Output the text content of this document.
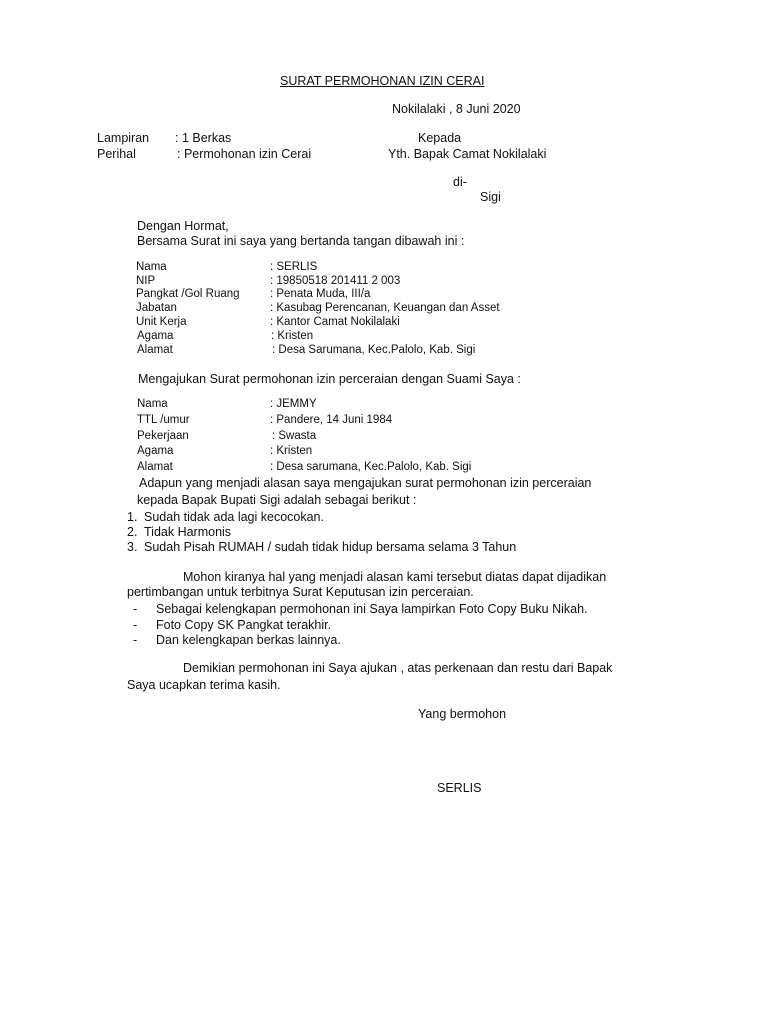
SURAT PERMOHONAN IZIN CERAI
Nokilalaki , 8 Juni 2020
Lampiran : 1 Berkas
Perihal	: Permohonan izin Cerai
Kepada
Yth. Bapak Camat Nokilalaki
di-
Sigi
Dengan Hormat,
Bersama Surat ini saya yang bertanda tangan dibawah ini :
Nama	: SERLIS
NIP	: 19850518 201411 2 003
Pangkat /Gol Ruang	: Penata Muda, III/a
Jabatan	: Kasubag Perencanan, Keuangan dan Asset
Unit Kerja	: Kantor Camat Nokilalaki
Agama	: Kristen
Alamat	: Desa Sarumana, Kec.Palolo, Kab. Sigi
Mengajukan Surat permohonan izin perceraian dengan Suami Saya :
Nama	: JEMMY
TTL /umur	: Pandere, 14 Juni 1984
Pekerjaan	: Swasta
Agama	: Kristen
Alamat	: Desa sarumana, Kec.Palolo, Kab. Sigi
Adapun yang menjadi alasan saya mengajukan surat permohonan izin perceraian
kepada Bapak Bupati Sigi adalah sebagai berikut :
1. Sudah tidak ada lagi kecocokan.
2. Tidak Harmonis
3. Sudah Pisah RUMAH / sudah tidak hidup bersama selama 3 Tahun
Mohon kiranya hal yang menjadi alasan kami tersebut diatas dapat dijadikan
pertimbangan untuk terbitnya Surat Keputusan izin perceraian.
- Sebagai kelengkapan permohonan ini Saya lampirkan Foto Copy Buku Nikah.
- Foto Copy SK Pangkat terakhir.
- Dan kelengkapan berkas lainnya.
Demikian permohonan ini Saya ajukan , atas perkenaan dan restu dari Bapak
Saya ucapkan terima kasih.
Yang bermohon
SERLIS
